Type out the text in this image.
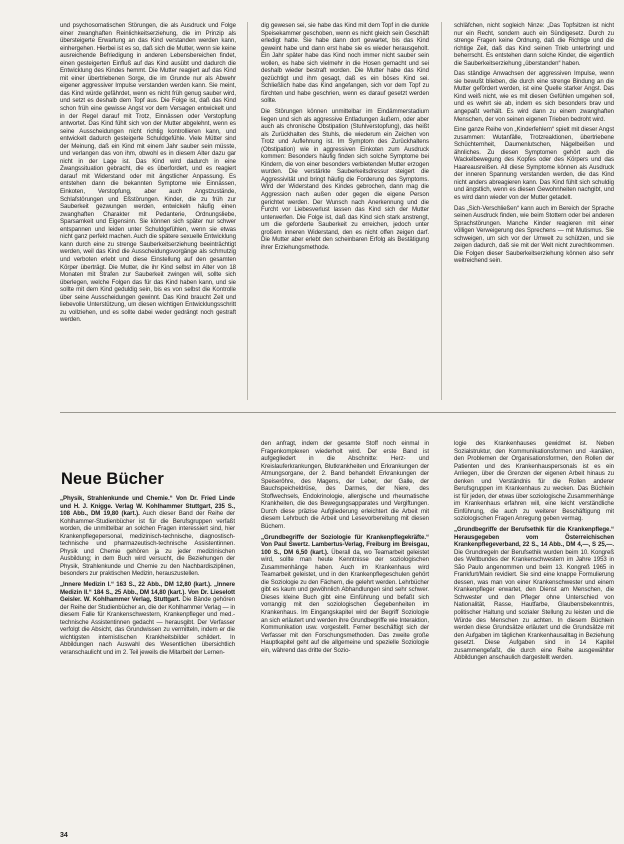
und psychosomatischen Störungen, die als Ausdruck und Folge einer zwanghaften Reinlichkeitserziehung, die im Prinzip als übersteigerte Erwartung an das Kind verstanden werden kann, einhergehen. Hierbei ist es so, daß sich die Mutter, wenn sie keine ausreichende Befriedigung in anderen Lebensbereichen findet, einen gesteigerten Einfluß auf das Kind ausübt und dadurch die Entwicklung des Kindes hemmt. Die Mutter reagiert auf das Kind mit einer übertriebenen Sorge, die im Grunde nur als Abwehr eigener aggressiver Impulse verstanden werden kann. Sie meint, das Kind würde gefährdet, wenn es nicht früh genug sauber wird, und setzt es deshalb dem Topf aus. Die Folge ist, daß das Kind schon früh eine gewisse Angst vor dem Versagen entwickelt und in der Regel darauf mit Trotz, Einnässen oder Verstopfung antwortet. Das Kind fühlt sich von der Mutter abgelehnt, wenn es seine Ausscheidungen nicht richtig kontrollieren kann, und entwickelt dadurch gesteigerte Schuldgefühle. Viele Mütter sind der Meinung, daß ein Kind mit einem Jahr sauber sein müsste, und verlangen das von ihm, obwohl es in diesem Alter dazu gar nicht in der Lage ist. Das Kind wird dadurch in eine Zwangssituation gebracht, die es überfordert, und es reagiert darauf mit Widerstand oder mit ängstlicher Anpassung. Es entstehen dann die bekannten Symptome wie Einnässen, Einkoten, Verstopfung, aber auch Angstzustände, Schlafstörungen und Eßstörungen. Kinder, die zu früh zur Sauberkeit gezwungen werden, entwickeln häufig einen zwanghaften Charakter mit Pedanterie, Ordnungsliebe, Sparsamkeit und Eigensinn. Sie können sich später nur schwer entspannen und leiden unter Schuldgefühlen, wenn sie etwas nicht ganz perfekt machen. Auch die spätere sexuelle Entwicklung kann durch eine zu strenge Sauberkeitserziehung beeinträchtigt werden, weil das Kind die Ausscheidungsvorgänge als schmutzig und verboten erlebt und diese Einstellung auf den gesamten Körper überträgt. Die Mutter, die ihr Kind selbst im Alter von 18 Monaten mit Strafen zur Sauberkeit zwingen will, sollte sich überlegen, welche Folgen das für das Kind haben kann, und sie sollte mit dem Kind geduldig sein, bis es von selbst die Kontrolle über seine Ausscheidungen gewinnt. Das Kind braucht Zeit und liebevolle Unterstützung, um diesen wichtigen Entwicklungsschritt zu vollziehen, und es sollte dabei weder gedrängt noch gestraft werden.

dig gewesen sei, sie habe das Kind mit dem Topf in die dunkle Speisekammer geschoben, wenn es nicht gleich sein Geschäft erledigt hatte. Sie habe dann dort gewartet, bis das Kind geweint habe und dann erst habe sie es wieder herausgeholt. Ein Jahr später habe das Kind noch immer nicht sauber sein wollen, es habe sich vielmehr in die Hosen gemacht und sei deshalb wieder bestraft worden. Die Mutter habe das Kind gezüchtigt und ihm gesagt, daß es ein böses Kind sei. Schließlich habe das Kind angefangen, sich vor dem Topf zu fürchten und habe geschrien, wenn es darauf gesetzt werden sollte.

Die Störungen können unmittelbar im Eindämmerstadium liegen und sich als aggressive Entladungen äußern, oder aber auch als chronische Obstipation (Stuhlverstopfung), das heißt als Zurückhalten des Stuhls, die wiederum ein Zeichen von Trotz und Auflehnung ist. Im Symptom des Zurückhaltens (Obstipation) wie in aggressiven Einkoten zum Ausdruck kommen: Besonders häufig finden sich solche Symptome bei Kindern, die von einer besonders verbietenden Mutter erzogen wurden. Die verstärkte Sauberkeitsdressur steigert die Aggressivität und bringt häufig die Forderung des Symptoms. Wird der Widerstand des Kindes gebrochen, dann mag die Aggression nach außen oder gegen die eigene Person gerichtet werden. Der Wunsch nach Anerkennung und die Furcht vor Liebesverlust lassen das Kind sich der Mutter unterwerfen. Die Folge ist, daß das Kind sich stark anstrengt, um die geforderte Sauberkeit zu erreichen, jedoch unter großem inneren Widerstand, den es nicht offen zeigen darf. Die Mutter aber erlebt den scheinbaren Erfolg als Bestätigung ihrer Erziehungsmethode.

schläfchen, nicht sogleich Ninze: „Das Topfsitzen ist nicht nur ein Recht, sondern auch ein Sündigesetz. Durch zu strenge Fragen keine Ordnung, daß die Richtige und die richtige Zeit, daß das Kind seinen Trieb unterbringt und beherrscht. Es entstehen dann solche Kinder, die eigentlich die Sauberkeitserziehung „überstanden“ haben.

Das ständige Anwachsen der aggressiven Impulse, wenn sie bewußt blieben, die durch eine strenge Bindung an die Mutter gefördert werden, ist eine Quelle starker Angst. Das Kind weiß nicht, wie es mit diesen Gefühlen umgehen soll, und es wehrt sie ab, indem es sich besonders brav und angepaßt verhält. Es wird dann zu einem zwanghaften Menschen, der von seinen eigenen Trieben bedroht wird.

Eine ganze Reihe von „Kinderfehlern“ spielt mit dieser Angst zusammen: Wutanfälle, Trotzreaktionen, übertriebene Schüchternheit, Daumenlutschen, Nägelbeißen und ähnliches. Zu diesen Symptomen gehört auch die Wackelbewegung des Kopfes oder des Körpers und das Haareausreißen. All diese Symptome können als Ausdruck der inneren Spannung verstanden werden, die das Kind nicht anders abreagieren kann. Das Kind fühlt sich schuldig und ängstlich, wenn es diesen Gewohnheiten nachgibt, und es wird dann wieder von der Mutter getadelt.

Das „Sich-Verschließen“ kann auch im Bereich der Sprache seinen Ausdruck finden, wie beim Stottern oder bei anderen Sprachstörungen. Manche Kinder reagieren mit einer völligen Verweigerung des Sprechens — mit Mutismus. Sie schweigen, um sich vor der Umwelt zu schützen, und sie zeigen dadurch, daß sie mit der Welt nicht zurechtkommen. Die Folgen dieser Sauberkeitserziehung können also sehr weitreichend sein.

Neue Bücher

„Physik, Strahlenkunde und Chemie.“ Von Dr. Fried Linde und H. J. Knigge. Verlag W. Kohlhammer Stuttgart, 235 S., 108 Abb., DM 19,80 (kart.). Auch dieser Band der Reihe der Kohlhammer-Studienbücher ist für die Berufsgruppen verfaßt worden, die unmittelbar an solchen Fragen interessiert sind, hier Krankenpflegepersonal, medizinisch-technische, diagnostisch-technische und pharmazeutisch-technische Assistentinnen. Physik und Chemie gehören ja zu jeder medizinischen Ausbildung; in dem Buch wird versucht, die Beziehungen der Physik, Strahlenkunde und Chemie zu den Nachbardisziplinen, besonders zur praktischen Medizin, herauszustellen.

„Innere Medizin I.“ 163 S., 22 Abb., DM 12,80 (kart.). „Innere Medizin II.“ 184 S., 25 Abb., DM 14,80 (kart.). Von Dr. Lieselott Geisler. W. Kohlhammer Verlag, Stuttgart. Die Bände gehören der Reihe der Studienbücher an, die der Kohlhammer Verlag — in diesem Falle für Krankenschwestern, Krankenpfleger und med.-technische Assistentinnen gedacht — herausgibt. Der Verfasser verfolgt die Absicht, das Grundwissen zu vermitteln, indem er die wichtigsten internistischen Krankheitsbilder schildert. In Abbildungen nach Auswahl des Wesentlichen übersichtlich veranschaulicht und im 2. Teil jeweils die Mitarbeit der Lernen-

den anfragt, indem der gesamte Stoff noch einmal in Fragenkomplexen wiederholt wird. Der erste Band ist aufgegliedert in die Abschnitte: Herz- und Kreislauferkrankungen, Blutkrankheiten und Erkrankungen der Atmungsorgane, der 2. Band behandelt Erkrankungen der Speiseröhre, des Magens, der Leber, der Galle, der Bauchspeicheldrüse, des Darmes, der Niere, des Stoffwechsels, Endokrinologie, allergische und rheumatische Krankheiten, die des Bewegungsapparates und Vergiftungen. Durch diese präzise Aufgliederung erleichtert die Arbeit mit diesem Lehrbuch die Arbeit und Lesevorbereitung mit diesen Büchern.

„Grundbegriffe der Soziologie für Krankenpflegekräfte.“ Von Paul Swertz. Lambertus-Verlag, Freiburg im Breisgau, 100 S., DM 6,50 (kart.). Überall da, wo Teamarbeit geleistet wird, sollte man heute Kenntnisse der soziologischen Zusammenhänge haben. Auch im Krankenhaus wird Teamarbeit geleistet, und in den Krankenpflegeschulen gehört die Soziologie zu den Fächern, die gelehrt werden. Lehrbücher gibt es kaum und gewöhnlich Abhandlungen sind sehr schwer. Dieses kleine Buch gibt eine Einführung und befaßt sich vorrangig mit den soziologischen Gegebenheiten im Krankenhaus. Im Eingangskapitel wird der Begriff Soziologie an sich erläutert und werden ihre Grundbegriffe wie Interaktion, Kommunikation usw. vorgestellt. Ferner beschäftigt sich der Verfasser mit den Forschungsmethoden. Das zweite große Hauptkapitel geht auf die allgemeine und spezielle Soziologie ein, während das dritte der Sozio-

logie des Krankenhauses gewidmet ist. Neben Sozialstruktur, den Kommunikationsformen und -kanälen, den Problemen der Organisationsformen, den Rollen der Patienten und des Krankenhauspersonals ist es ein Anliegen, über die Grenzen der eigenen Arbeit hinaus zu denken und Verständnis für die Rollen anderer Berufsgruppen im Krankenhaus zu wecken. Das Büchlein ist für jeden, der etwas über soziologische Zusammenhänge im Krankenhaus erfahren will, eine leicht verständliche Einführung, die auch zu weiterer Beschäftigung mit soziologischen Fragen Anregung geben vermag.

„Grundbegriffe der Berufsethik für die Krankenpflege.“ Herausgegeben vom Österreichischen Krankenpflegeverband, 22 S., 14 Abb., DM 4,—, S 25,—. Die Grundregeln der Berufsethik wurden beim 10. Kongreß des Weltbundes der Krankenschwestern im Jahre 1953 in São Paulo angenommen und beim 13. Kongreß 1965 in Frankfurt/Main revidiert. Sie sind eine knappe Formulierung dessen, was man von einer Krankenschwester und einem Krankenpfleger erwartet, den Dienst am Menschen, die Schwester und den Pfleger ohne Unterschied von Nationalität, Rasse, Hautfarbe, Glaubensbekenntnis, politischer Haltung und sozialer Stellung zu leisten und die Würde des Menschen zu achten. In diesem Büchlein werden diese Grundsätze erläutert und die Grundsätze mit den Aufgaben im täglichen Krankenhausalltag in Beziehung gesetzt. Diese Aufgaben sind in 14 Kapitel zusammengefaßt, die durch eine Reihe ausgewählter Abbildungen anschaulich dargestellt werden.

34
